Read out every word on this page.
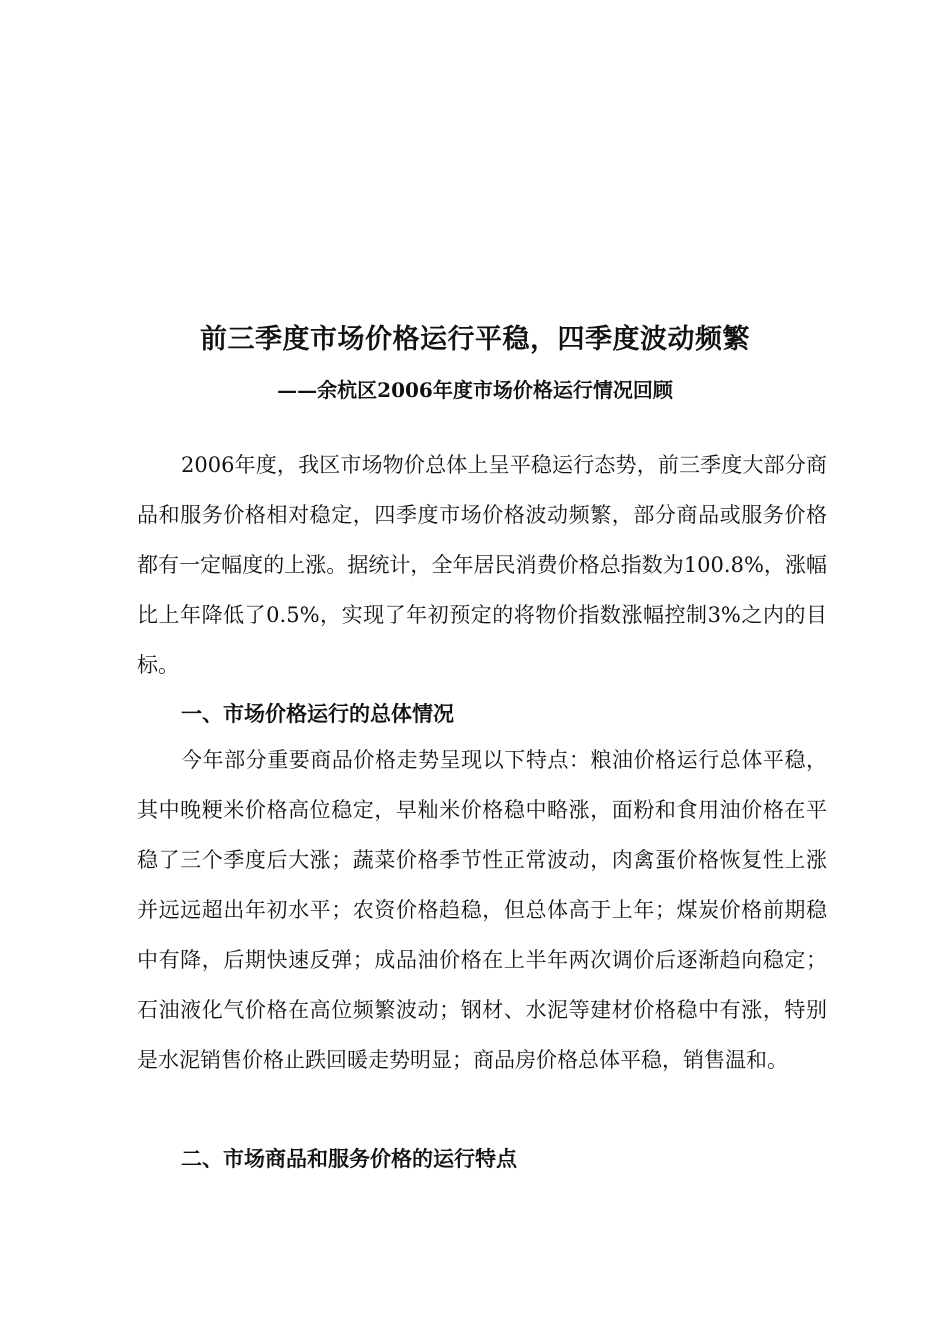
前三季度市场价格运行平稳，四季度波动频繁
——余杭区2006年度市场价格运行情况回顾

2006年度，我区市场物价总体上呈平稳运行态势，前三季度大部分商品和服务价格相对稳定，四季度市场价格波动频繁，部分商品或服务价格都有一定幅度的上涨。据统计，全年居民消费价格总指数为100.8%，涨幅比上年降低了0.5%，实现了年初预定的将物价指数涨幅控制3%之内的目标。

一、市场价格运行的总体情况

今年部分重要商品价格走势呈现以下特点：粮油价格运行总体平稳，其中晚粳米价格高位稳定，早籼米价格稳中略涨，面粉和食用油价格在平稳了三个季度后大涨；蔬菜价格季节性正常波动，肉禽蛋价格恢复性上涨并远远超出年初水平；农资价格趋稳，但总体高于上年；煤炭价格前期稳中有降，后期快速反弹；成品油价格在上半年两次调价后逐渐趋向稳定；石油液化气价格在高位频繁波动；钢材、水泥等建材价格稳中有涨，特别是水泥销售价格止跌回暖走势明显；商品房价格总体平稳，销售温和。

二、市场商品和服务价格的运行特点
